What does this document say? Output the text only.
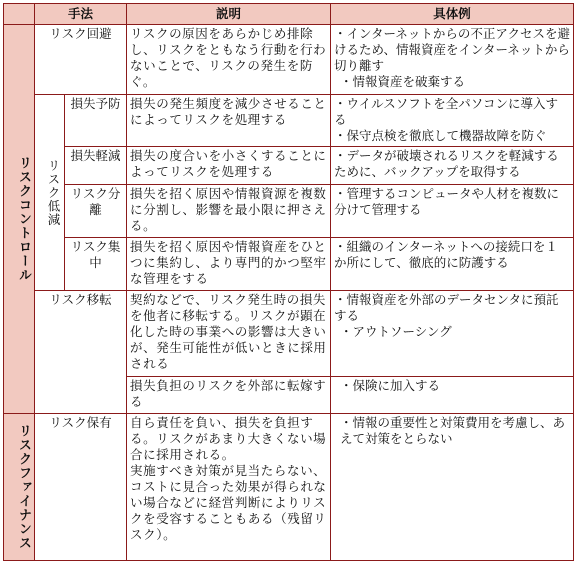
	手法		説明	具体例
リスクコントロール	リスク回避		リスクの原因をあらかじめ排除し、リスクをともなう行動を行わないことで、リスクの発生を防ぐ。	・インターネットからの不正アクセスを避けるため、情報資産をインターネットから切り離す
・情報資産を破棄する

	リスク低減	損失予防	損失の発生頻度を減少させることによってリスクを処理する	・ウイルスソフトを全パソコンに導入する
・保守点検を徹底して機器故障を防ぐ

		損失軽減	損失の度合いを小さくすることによってリスクを処理する	・データが破壊されるリスクを軽減するために、バックアップを取得する

		リスク分離	損失を招く原因や情報資源を複数に分割し、影響を最小限に押さえる。	・管理するコンピュータや人材を複数に分けて管理する

		リスク集中	損失を招く原因や情報資産をひとつに集約し、より専門的かつ堅牢な管理をする	・組織のインターネットへの接続口を１か所にして、徹底的に防護する

	リスク移転		契約などで、リスク発生時の損失を他者に移転する。リスクが顕在化した時の事業への影響は大きいが、発生可能性が低いときに採用される	・情報資産を外部のデータセンタに預託する
・アウトソーシング

			損失負担のリスクを外部に転嫁する	・保険に加入する

リスクファイナンス	リスク保有		自ら責任を負い、損失を負担する。リスクがあまり大きくない場合に採用される。
実施すべき対策が見当たらない、コストに見合った効果が得られない場合などに経営判断によりリスクを受容することもある（残留リスク）。	・情報の重要性と対策費用を考慮し、あえて対策をとらない
